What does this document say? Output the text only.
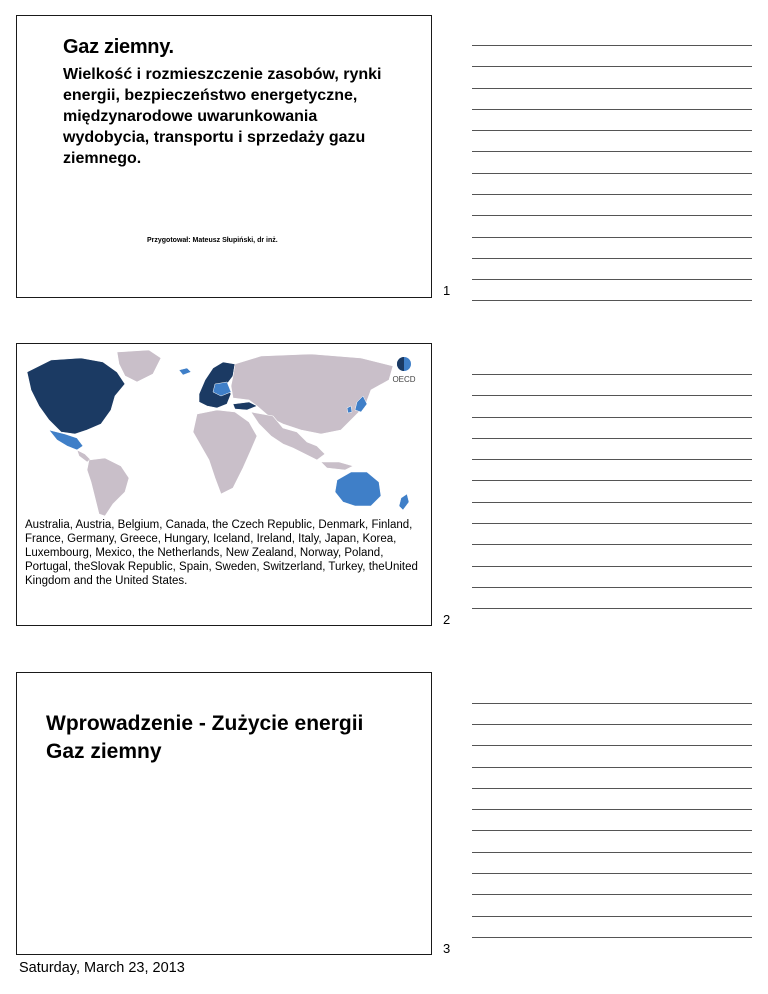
Gaz ziemny.
Wielkość i rozmieszczenie zasobów, rynki energii, bezpieczeństwo energetyczne, międzynarodowe uwarunkowania wydobycia, transportu i sprzedaży gazu ziemnego.
Przygotował: Mateusz Słupiński, dr inż.
1
OECD
Australia, Austria, Belgium, Canada, the Czech Republic, Denmark, Finland, France, Germany, Greece, Hungary, Iceland, Ireland, Italy, Japan, Korea, Luxembourg, Mexico, the Netherlands, New Zealand, Norway, Poland, Portugal, theSlovak Republic, Spain, Sweden, Switzerland, Turkey, theUnited Kingdom and the United States.
2
Wprowadzenie - Zużycie energii
Gaz ziemny
3
Saturday, March 23, 2013
